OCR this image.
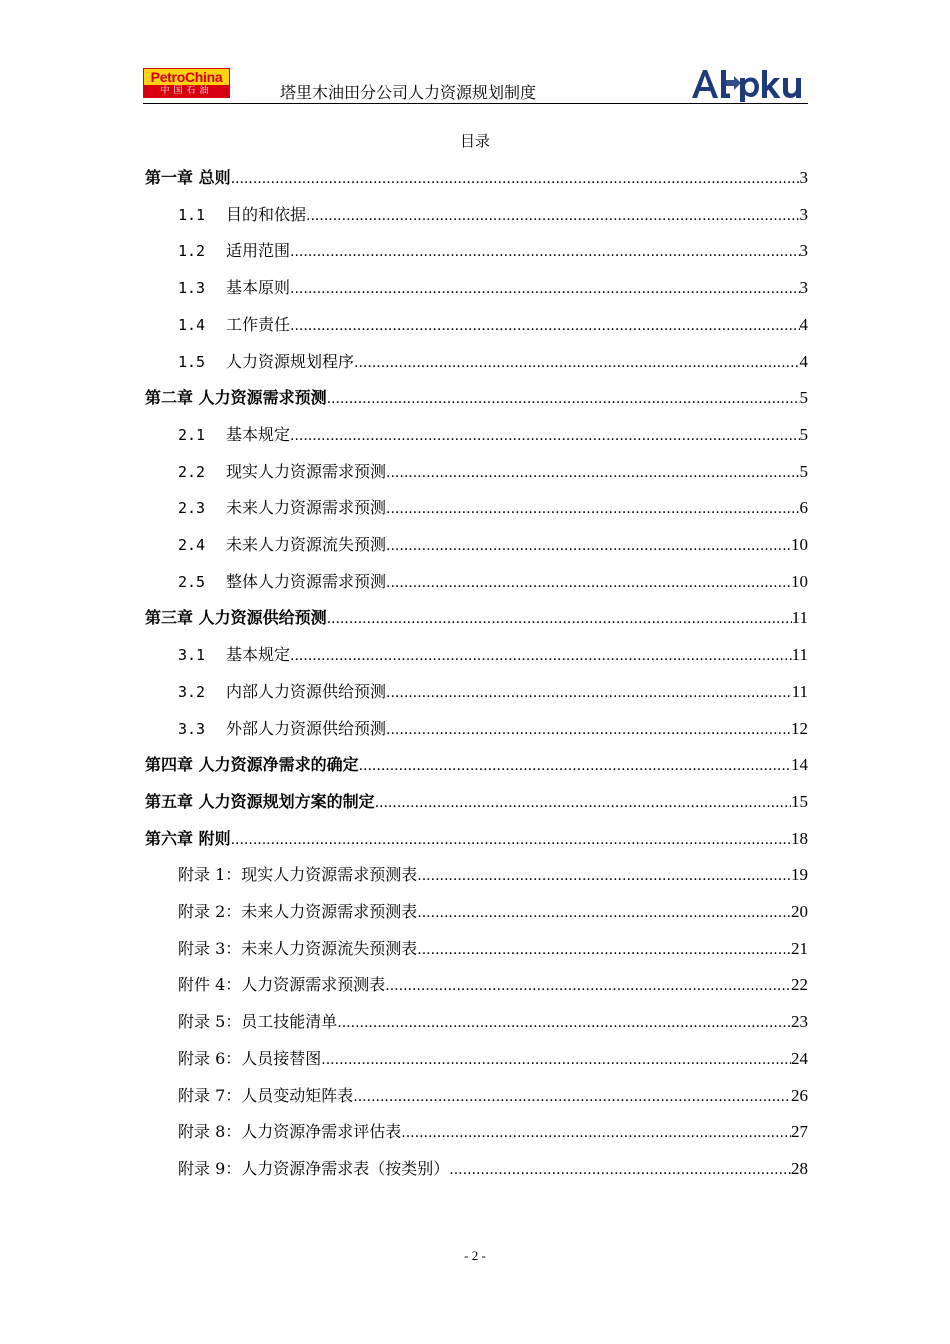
PetroChina
中国石油	塔里木油田分公司人力资源规划制度
目录
第一章 总则 .....	3
1.1 目的和依据 .....	3
1.2 适用范围 .....	3
1.3 基本原则 .....	3
1.4 工作责任 .....	4
1.5 人力资源规划程序 .....	4
第二章 人力资源需求预测 .....	5
2.1 基本规定 .....	5
2.2 现实人力资源需求预测 .....	5
2.3 未来人力资源需求预测 .....	6
2.4 未来人力资源流失预测 .....	10
2.5 整体人力资源需求预测 .....	10
第三章 人力资源供给预测 .....	11
3.1 基本规定 .....	11
3.2 内部人力资源供给预测 .....	11
3.3 外部人力资源供给预测 .....	12
第四章 人力资源净需求的确定 .....	14
第五章 人力资源规划方案的制定 .....	15
第六章 附则 .....	18
附录 1：现实人力资源需求预测表 .....	19
附录 2：未来人力资源需求预测表 .....	20
附录 3：未来人力资源流失预测表 .....	21
附件 4：人力资源需求预测表 .....	22
附录 5：员工技能清单 .....	23
附录 6：人员接替图 .....	24
附录 7：人员变动矩阵表 .....	26
附录 8：人力资源净需求评估表 .....	27
附录 9：人力资源净需求表（按类别） .....	28
- 2 -
